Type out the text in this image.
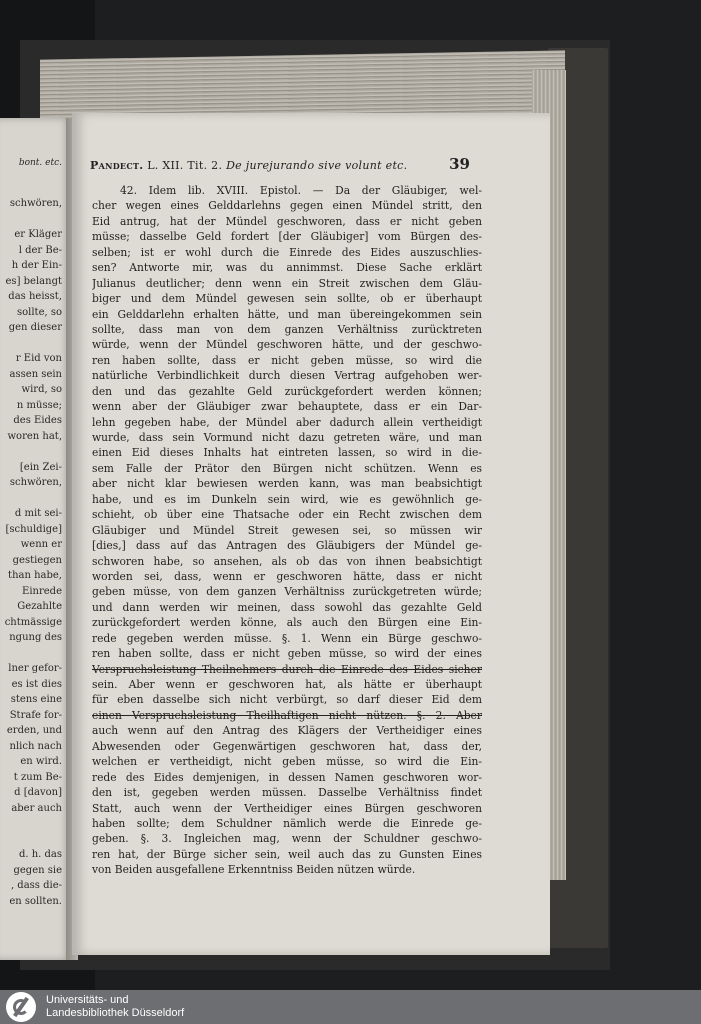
bont. etc.
schwören,
er Kläger
l der Be-
h der Ein-
es] belangt
das heisst,
sollte, so
gen dieser
r Eid von
assen sein
wird, so
n müsse;
des Eides
woren hat,
[ein Zei-
schwören,
d mit sei-
[schuldige]
wenn er
gestiegen
than habe,
Einrede
Gezahlte
chtmässige
ngung des
lner gefor-
es ist dies
stens eine
Strafe for-
erden, und
nlich nach
en wird.
t zum Be-
d [davon]
aber auch
d. h. das
gegen sie
, dass die-
en sollten.
Pandect. L. XII. Tit. 2. De jurejurando sive volunt etc.	39
42. Idem lib. XVIII. Epistol. — Da der Gläubiger, wel-
cher wegen eines Gelddarlehns gegen einen Mündel stritt, den
Eid antrug, hat der Mündel geschworen, dass er nicht geben
müsse; dasselbe Geld fordert [der Gläubiger] vom Bürgen des-
selben; ist er wohl durch die Einrede des Eides auszuschlies-
sen? Antworte mir, was du annimmst. Diese Sache erklärt
Julianus deutlicher; denn wenn ein Streit zwischen dem Gläu-
biger und dem Mündel gewesen sein sollte, ob er überhaupt
ein Gelddarlehn erhalten hätte, und man übereingekommen sein
sollte, dass man von dem ganzen Verhältniss zurücktreten
würde, wenn der Mündel geschworen hätte, und der geschwo-
ren haben sollte, dass er nicht geben müsse, so wird die
natürliche Verbindlichkeit durch diesen Vertrag aufgehoben wer-
den und das gezahlte Geld zurückgefordert werden können;
wenn aber der Gläubiger zwar behauptete, dass er ein Dar-
lehn gegeben habe, der Mündel aber dadurch allein vertheidigt
wurde, dass sein Vormund nicht dazu getreten wäre, und man
einen Eid dieses Inhalts hat eintreten lassen, so wird in die-
sem Falle der Prätor den Bürgen nicht schützen. Wenn es
aber nicht klar bewiesen werden kann, was man beabsichtigt
habe, und es im Dunkeln sein wird, wie es gewöhnlich ge-
schieht, ob über eine Thatsache oder ein Recht zwischen dem
Gläubiger und Mündel Streit gewesen sei, so müssen wir
[dies,] dass auf das Antragen des Gläubigers der Mündel ge-
schworen habe, so ansehen, als ob das von ihnen beabsichtigt
worden sei, dass, wenn er geschworen hätte, dass er nicht
geben müsse, von dem ganzen Verhältniss zurückgetreten würde;
und dann werden wir meinen, dass sowohl das gezahlte Geld
zurückgefordert werden könne, als auch den Bürgen eine Ein-
rede gegeben werden müsse. §. 1. Wenn ein Bürge geschwo-
ren haben sollte, dass er nicht geben müsse, so wird der eines
Verspruchsleistung Theilnehmers durch die Einrede des Eides sicher
sein. Aber wenn er geschworen hat, als hätte er überhaupt
für eben dasselbe sich nicht verbürgt, so darf dieser Eid dem
einen Verspruchsleistung Theilhaftigen nicht nützen. §. 2. Aber
auch wenn auf den Antrag des Klägers der Vertheidiger eines
Abwesenden oder Gegenwärtigen geschworen hat, dass der,
welchen er vertheidigt, nicht geben müsse, so wird die Ein-
rede des Eides demjenigen, in dessen Namen geschworen wor-
den ist, gegeben werden müssen. Dasselbe Verhältniss findet
Statt, auch wenn der Vertheidiger eines Bürgen geschworen
haben sollte; dem Schuldner nämlich werde die Einrede ge-
geben. §. 3. Ingleichen mag, wenn der Schuldner geschwo-
ren hat, der Bürge sicher sein, weil auch das zu Gunsten Eines
von Beiden ausgefallene Erkenntniss Beiden nützen würde.
Universitäts- und
Landesbibliothek Düsseldorf
